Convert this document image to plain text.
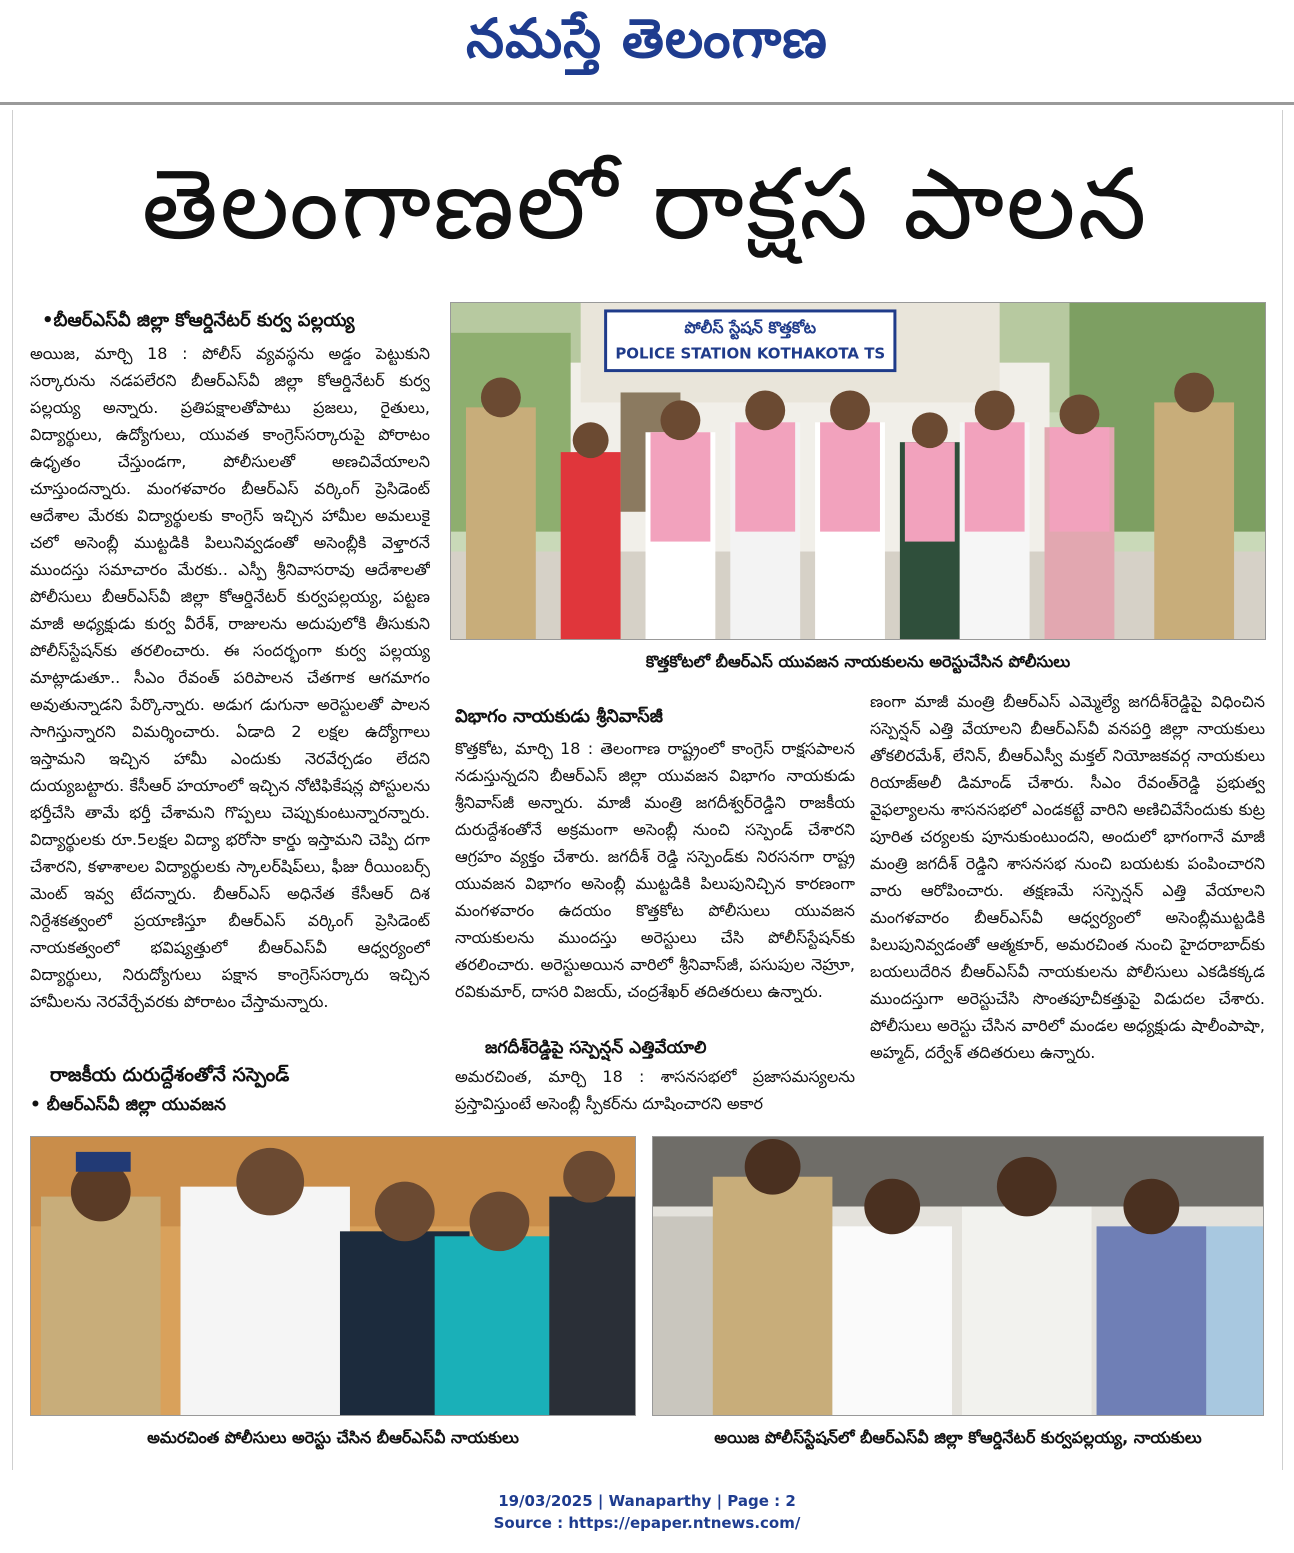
నమస్తే తెలంగాణ
తెలంగాణలో రాక్షస పాలన
•బీఆర్‌ఎస్‌వీ జిల్లా కోఆర్డినేటర్ కుర్వ పల్లయ్య

అయిజ, మార్చి 18 : పోలీస్ వ్యవస్థను అడ్డం పెట్టుకుని సర్కారును నడపలేరని బీఆర్‌ఎస్‌వీ జిల్లా కోఆర్డినేటర్ కుర్వ పల్లయ్య అన్నారు. ప్రతిపక్షాలతోపాటు ప్రజలు, రైతులు, విద్యార్థులు, ఉద్యోగులు, యువత కాంగ్రెస్‌సర్కారుపై పోరాటం ఉధృతం చేస్తుండగా, పోలీసులతో అణచివేయాలని చూస్తుందన్నారు. మంగళవారం బీఆర్‌ఎస్ వర్కింగ్ ప్రెసిడెంట్ ఆదేశాల మేరకు విద్యార్థులకు కాంగ్రెస్ ఇచ్చిన హామీల అమలుకై చలో అసెంబ్లీ ముట్టడికి పిలునివ్వడంతో అసెంబ్లీకి వెళ్తారనే ముందస్తు సమాచారం మేరకు.. ఎస్పీ శ్రీనివాసరావు ఆదేశాలతో పోలీసులు బీఆర్‌ఎస్‌వీ జిల్లా కోఆర్డినేటర్ కుర్వపల్లయ్య, పట్టణ మాజీ అధ్యక్షుడు కుర్వ వీరేశ్, రాజులను అదుపులోకి తీసుకుని పోలీస్‌స్టేషన్‌కు తరలించారు. ఈ సందర్భంగా కుర్వ పల్లయ్య మాట్లాడుతూ.. సీఎం రేవంత్ పరిపాలన చేతగాక ఆగమాగం అవుతున్నాడని పేర్కొన్నారు. అడుగ డుగునా అరెస్టులతో పాలన సాగిస్తున్నారని విమర్శించారు. ఏడాది 2 లక్షల ఉద్యోగాలు ఇస్తామని ఇచ్చిన హామీ ఎందుకు నెరవేర్చడం లేదని దుయ్యబట్టారు. కేసీఆర్ హయాంలో ఇచ్చిన నోటిఫికేషన్ల పోస్టులను భర్తీచేసి తామే భర్తీ చేశామని గొప్పలు చెప్పుకుంటున్నారన్నారు. విద్యార్థులకు రూ.5లక్షల విద్యా భరోసా కార్డు ఇస్తామని చెప్పి దగా చేశారని, కళాశాలల విద్యార్థులకు స్కాలర్‌షిప్‌లు, ఫీజు రీయింబర్స్ మెంట్ ఇవ్వ టేదన్నారు. బీఆర్‌ఎస్ అధినేత కేసీఆర్ దిశ నిర్దేశకత్వంలో ప్రయాణిస్తూ బీఆర్‌ఎస్ వర్కింగ్ ప్రెసిడెంట్ నాయకత్వంలో భవిష్యత్తులో బీఆర్‌ఎస్‌వీ ఆధ్వర్యంలో విద్యార్థులు, నిరుద్యోగులు పక్షాన కాంగ్రెస్‌సర్కారు ఇచ్చిన హామీలను నెరవేర్చేవరకు పోరాటం చేస్తామన్నారు.

రాజకీయ దురుద్దేశంతోనే సస్పెండ్
• బీఆర్‌ఎస్‌వీ జిల్లా యువజన
పోలీస్ స్టేషన్ కొత్తకోట
POLICE STATION KOTHAKOTA TS
కొత్తకోటలో బీఆర్‌ఎస్ యువజన నాయకులను అరెస్టుచేసిన పోలీసులు
విభాగం నాయకుడు శ్రీనివాస్‌జీ

కొత్తకోట, మార్చి 18 : తెలంగాణ రాష్ట్రంలో కాంగ్రెస్ రాక్షసపాలన నడుస్తున్నదని బీఆర్‌ఎస్ జిల్లా యువజన విభాగం నాయకుడు శ్రీనివాస్‌జీ అన్నారు. మాజీ మంత్రి జగదీశ్వర్‌రెడ్డిని రాజకీయ దురుద్దేశంతోనే అక్రమంగా అసెంబ్లీ నుంచి సస్పెండ్ చేశారని ఆగ్రహం వ్యక్తం చేశారు. జగదీశ్ రెడ్డి సస్పెండ్‌కు నిరసనగా రాష్ట్ర యువజన విభాగం అసెంబ్లీ ముట్టడికి పిలుపునిచ్చిన కారణంగా మంగళవారం ఉదయం కొత్తకోట పోలీసులు యువజన నాయకులను ముందస్తు అరెస్టులు చేసి పోలీస్‌స్టేషన్‌కు తరలించారు. అరెస్టుఅయిన వారిలో శ్రీనివాస్‌జీ, పసుపుల నెహ్రూ, రవికుమార్, దాసరి విజయ్, చంద్రశేఖర్ తదితరులు ఉన్నారు.

జగదీశ్‌రెడ్డిపై సస్పెన్షన్ ఎత్తివేయాలి

అమరచింత, మార్చి 18 : శాసనసభలో ప్రజాసమస్యలను ప్రస్తావిస్తుంటే అసెంబ్లీ స్పీకర్‌ను దూషించారని అకార

ణంగా మాజీ మంత్రి బీఆర్‌ఎస్ ఎమ్మెల్యే జగదీశ్‌రెడ్డిపై విధించిన సస్పెన్షన్ ఎత్తి వేయాలని బీఆర్‌ఎస్‌వీ వనపర్తి జిల్లా నాయకులు తోకలిరమేశ్, లేనిన్, బీఆర్‌ఎస్వీ మక్తల్ నియోజకవర్గ నాయకులు రియాజ్‌అలీ డిమాండ్ చేశారు. సీఎం రేవంత్‌రెడ్డి ప్రభుత్వ వైఫల్యాలను శాసనసభలో ఎండకట్టే వారిని అణిచివేసేందుకు కుట్ర పూరిత చర్యలకు పూనుకుంటుందని, అందులో భాగంగానే మాజీ మంత్రి జగదీశ్ రెడ్డిని శాసనసభ నుంచి బయటకు పంపించారని వారు ఆరోపించారు. తక్షణమే సస్పెన్షన్ ఎత్తి వేయాలని మంగళవారం బీఆర్‌ఎస్‌వీ ఆధ్వర్యంలో అసెంబ్లీముట్టడికి పిలుపునివ్వడంతో ఆత్మకూర్, అమరచింత నుంచి హైదరాబాద్‌కు బయలుదేరిన బీఆర్‌ఎస్‌వీ నాయకులను పోలీసులు ఎకడికక్కడ ముందస్తుగా అరెస్టుచేసి సొంతపూచీకత్తుపై విడుదల చేశారు. పోలీసులు అరెస్టు చేసిన వారిలో మండల అధ్యక్షుడు షాలీంపాషా, అహ్మద్, దర్వేశ్ తదితరులు ఉన్నారు.

అమరచింత పోలీసులు అరెస్టు చేసిన బీఆర్‌ఎస్‌వీ నాయకులు	అయిజ పోలీస్‌స్టేషన్‌లో బీఆర్‌ఎస్‌వీ జిల్లా కోఆర్డినేటర్ కుర్వపల్లయ్య, నాయకులు
19/03/2025 | Wanaparthy | Page : 2
Source : https://epaper.ntnews.com/
